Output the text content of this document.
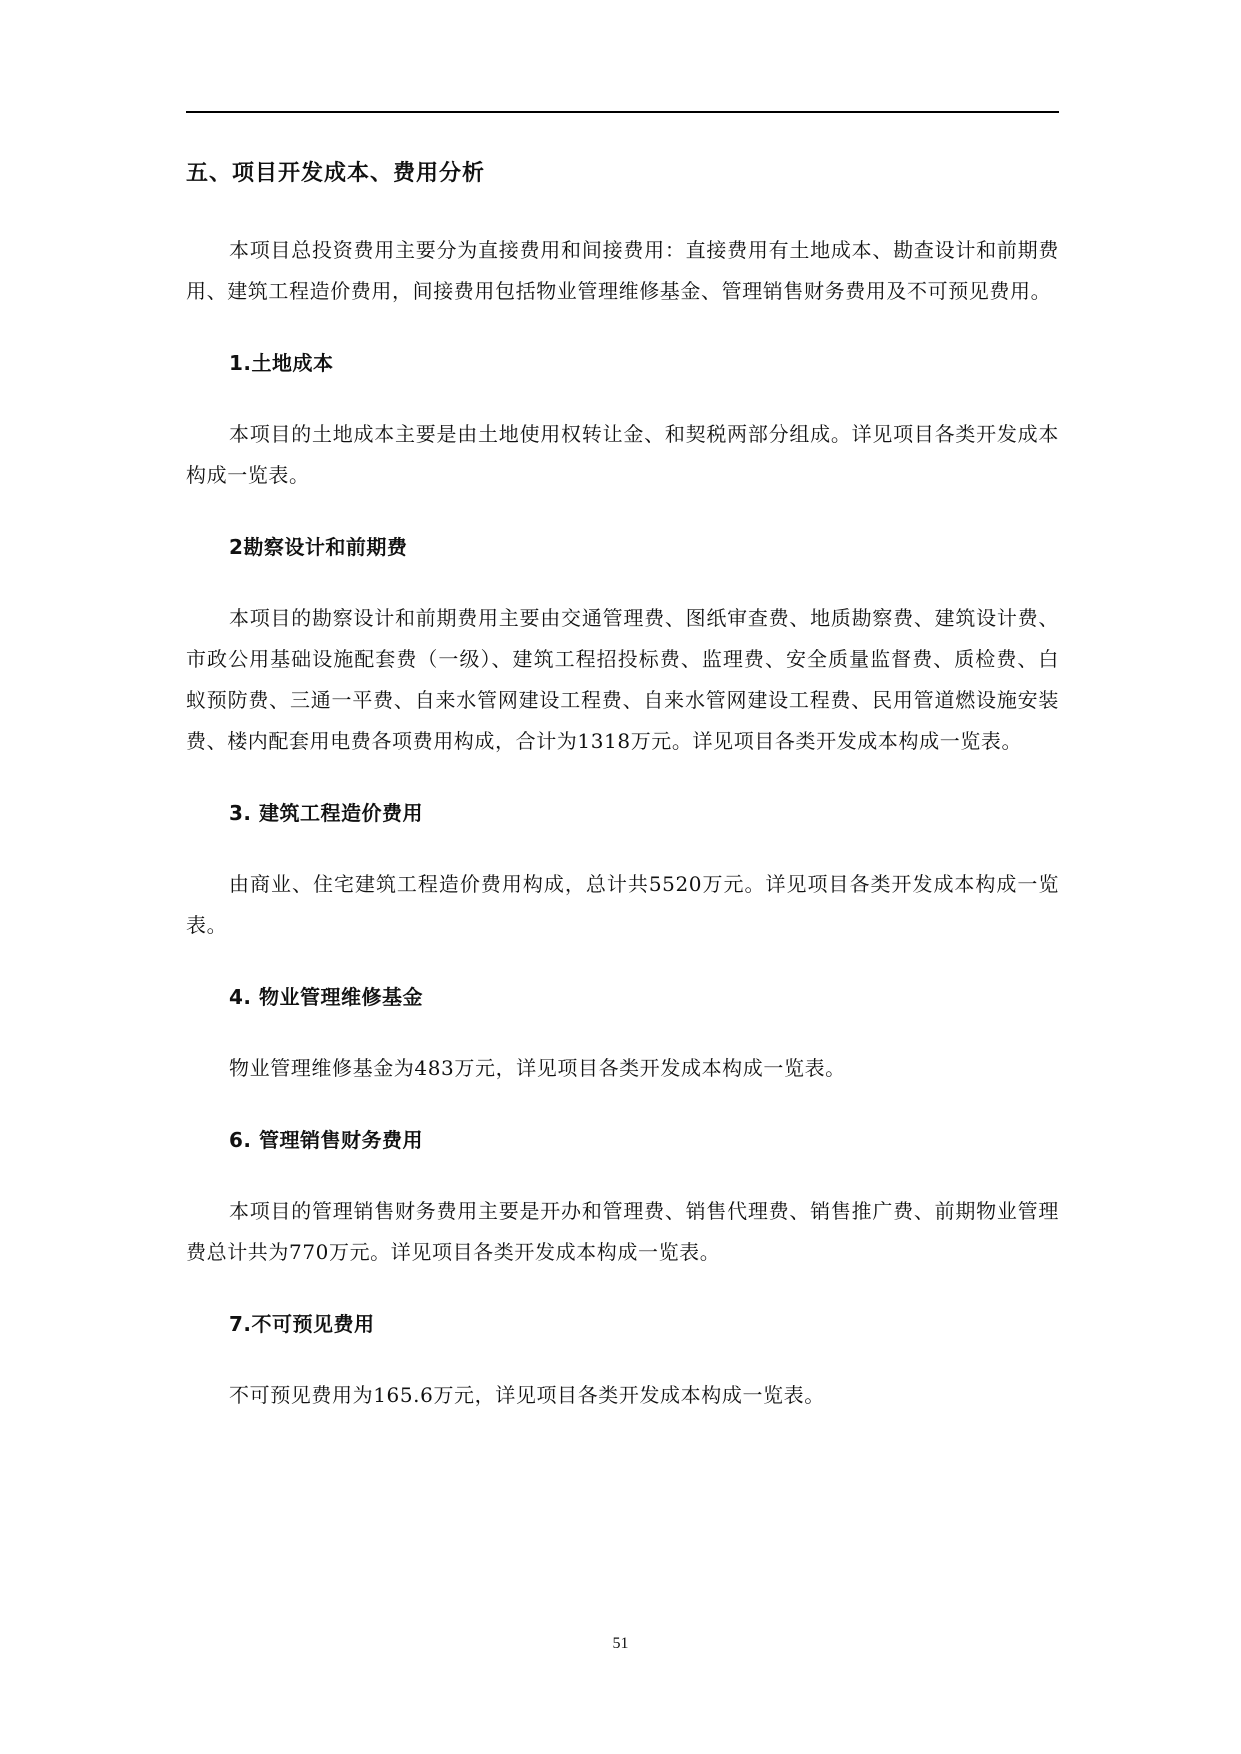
五、项目开发成本、费用分析

本项目总投资费用主要分为直接费用和间接费用：直接费用有土地成本、勘查设计和前期费用、建筑工程造价费用，间接费用包括物业管理维修基金、管理销售财务费用及不可预见费用。

1.土地成本

本项目的土地成本主要是由土地使用权转让金、和契税两部分组成。详见项目各类开发成本构成一览表。

2勘察设计和前期费

本项目的勘察设计和前期费用主要由交通管理费、图纸审查费、地质勘察费、建筑设计费、市政公用基础设施配套费（一级）、建筑工程招投标费、监理费、安全质量监督费、质检费、白蚁预防费、三通一平费、自来水管网建设工程费、自来水管网建设工程费、民用管道燃设施安装费、楼内配套用电费各项费用构成，合计为1318万元。详见项目各类开发成本构成一览表。

3. 建筑工程造价费用

由商业、住宅建筑工程造价费用构成，总计共5520万元。详见项目各类开发成本构成一览表。

4. 物业管理维修基金

物业管理维修基金为483万元，详见项目各类开发成本构成一览表。

6. 管理销售财务费用

本项目的管理销售财务费用主要是开办和管理费、销售代理费、销售推广费、前期物业管理费总计共为770万元。详见项目各类开发成本构成一览表。

7.不可预见费用

不可预见费用为165.6万元，详见项目各类开发成本构成一览表。

51
